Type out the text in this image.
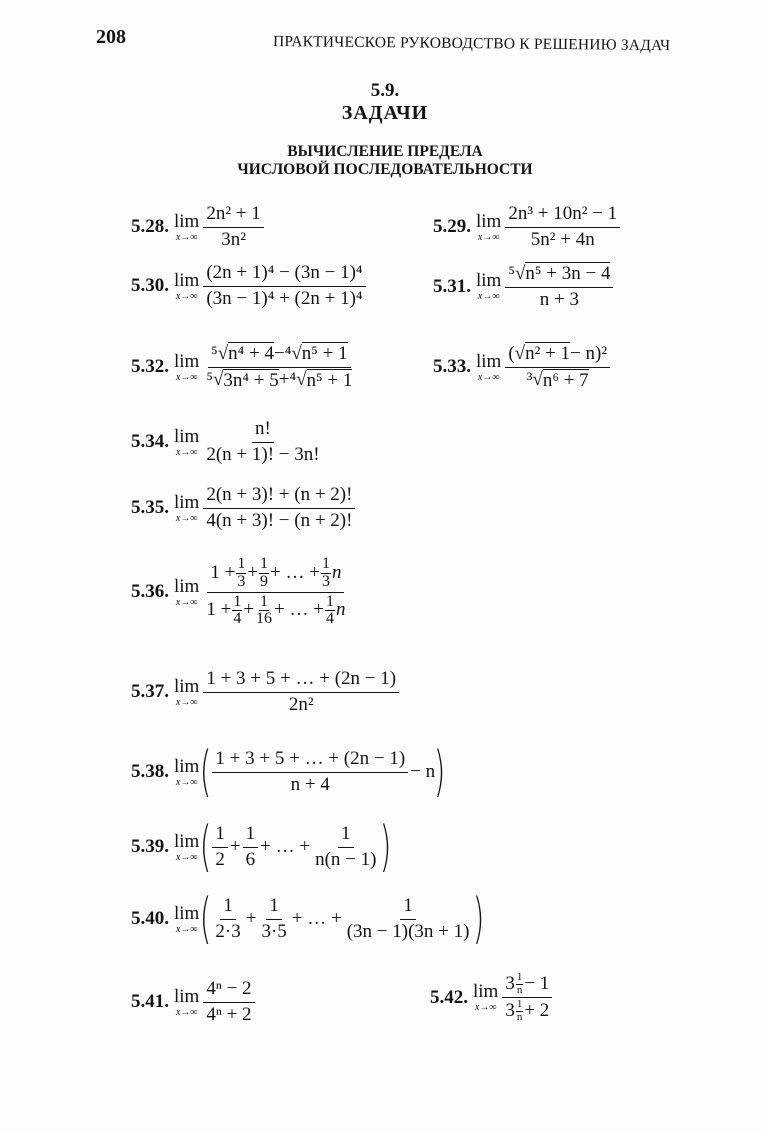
208	ПРАКТИЧЕСКОЕ РУКОВОДСТВО К РЕШЕНИЮ ЗАДАЧ
5.9.
ЗАДАЧИ
ВЫЧИСЛЕНИЕ ПРЕДЕЛА
ЧИСЛОВОЙ ПОСЛЕДОВАТЕЛЬНОСТИ
5.28. lim
$x\to\infty \frac{\text{2n² + 1}}{\text{3n²}}$	5.29. lim
$x\to\infty \frac{\text{2n³ + 10n² − 1}}{\text{5n² + 4n}}$
5.30. lim
$x\to\infty \frac{\text{(2n + 1)⁴ − (3n − 1)⁴}}{\text{(3n − 1)⁴ + (2n + 1)⁴}}$	5.31. lim
$x\to\infty \frac{\text{⁵√ n⁵ + 3n − 4}}{n + 3}$
5.32. lim
$x\to\infty \frac{\text{⁵√ n⁴ + 4 − ⁴√ n⁵ + 1}}{\text{⁵√ 3n⁴ + 5 + ⁴√ n⁵ + 1}}$	5.33. lim
$x\to\infty \frac{\text{( √ n² + 1 − n)²}}{\text{³√ n⁶ + 7}}$
5.34. lim
$x\to\infty \frac{n!}{2(n + 1)! - 3n!}$
5.35. lim
$x\to\infty \frac{2(n + 3)! + (n + 2)!}{4(n + 3)! - (n + 2)!}$
5.36. lim
x→∞
$1 + \frac{1}{3} + \frac{1}{9}$ + … + $\frac{1}{3}$ n
$1 + \frac{1}{4} + \frac{1}{16}$ + … + $\frac{1}{4}$ n
5.37. lim
$x\to\infty \frac{1 + 3 + 5 + \dots + (2n - 1)}{\text{2n²}}$
5.38. lim
x→∞ ( $\frac{1 + 3 + 5 + \dots + (2n - 1)}{n + 4} - n$
)
5.39. lim
x→∞ ( $\frac{1}{2} + \frac{1}{6}$ + … + $\frac{1}{n(n - 1)}$ )
5.40. lim
x→∞ ( $\frac{1}{2\cdot 3} + \frac{1}{3\cdot 5}$ + … + $\frac{1}{(3n - 1)(3n + 1)}$ )
5.41. lim
$x\to\infty \frac{\text{4ⁿ − 2}}{\text{4ⁿ + 2}}$	5.42. lim
x→∞ 3 1
n − 1
3 1
n + 2
